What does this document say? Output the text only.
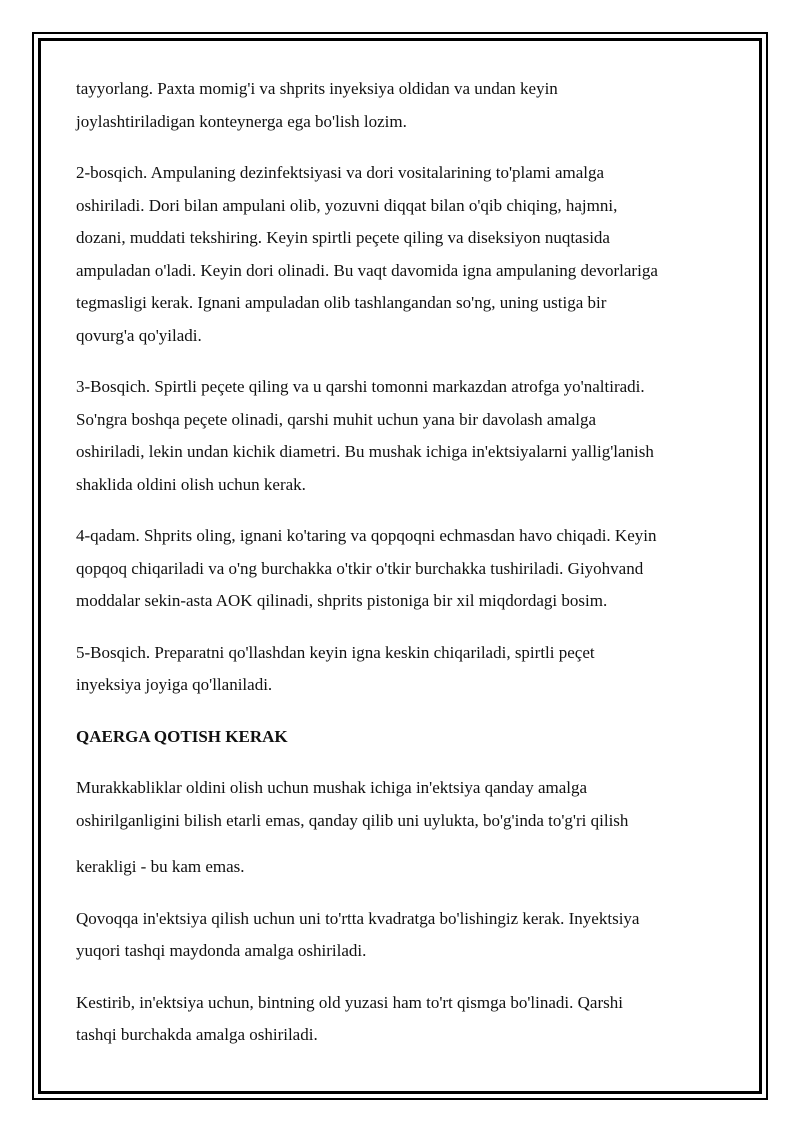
tayyorlang. Paxta momig'i va shprits inyeksiya oldidan va undan keyin
joylashtiriladigan konteynerga ega bo'lish lozim.

2-bosqich. Ampulaning dezinfektsiyasi va dori vositalarining to'plami amalga
oshiriladi. Dori bilan ampulani olib, yozuvni diqqat bilan o'qib chiqing, hajmni,
dozani, muddati tekshiring. Keyin spirtli peçete qiling va diseksiyon nuqtasida
ampuladan o'ladi. Keyin dori olinadi. Bu vaqt davomida igna ampulaning devorlariga
tegmasligi kerak. Ignani ampuladan olib tashlangandan so'ng, uning ustiga bir
qovurg'a qo'yiladi.

3-Bosqich. Spirtli peçete qiling va u qarshi tomonni markazdan atrofga yo'naltiradi.
So'ngra boshqa peçete olinadi, qarshi muhit uchun yana bir davolash amalga
oshiriladi, lekin undan kichik diametri. Bu mushak ichiga in'ektsiyalarni yallig'lanish
shaklida oldini olish uchun kerak.

4-qadam. Shprits oling, ignani ko'taring va qopqoqni echmasdan havo chiqadi. Keyin
qopqoq chiqariladi va o'ng burchakka o'tkir o'tkir burchakka tushiriladi. Giyohvand
moddalar sekin-asta AOK qilinadi, shprits pistoniga bir xil miqdordagi bosim.

5-Bosqich. Preparatni qo'llashdan keyin igna keskin chiqariladi, spirtli peçet
inyeksiya joyiga qo'llaniladi.

QAERGA QOTISH KERAK

Murakkabliklar oldini olish uchun mushak ichiga in'ektsiya qanday amalga
oshirilganligini bilish etarli emas, qanday qilib uni uylukta, bo'g'inda to'g'ri qilish
kerakligi - bu kam emas.

Qovoqqa in'ektsiya qilish uchun uni to'rtta kvadratga bo'lishingiz kerak. Inyektsiya
yuqori tashqi maydonda amalga oshiriladi.

Kestirib, in'ektsiya uchun, bintning old yuzasi ham to'rt qismga bo'linadi. Qarshi
tashqi burchakda amalga oshiriladi.
